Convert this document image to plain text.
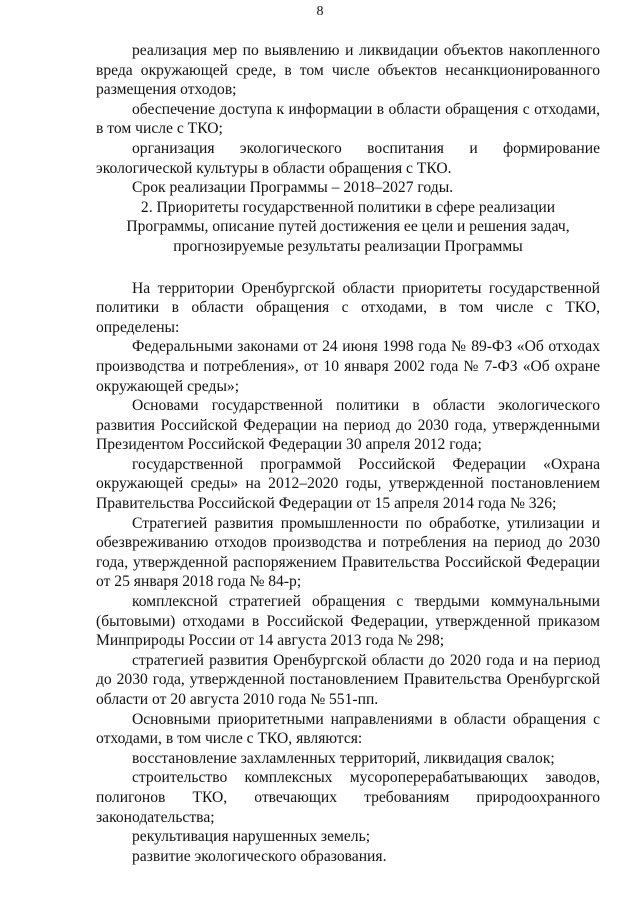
8

реализация мер по выявлению и ликвидации объектов накопленного вреда окружающей среде, в том числе объектов несанкционированного размещения отходов;

обеспечение доступа к информации в области обращения с отходами, в том числе с ТКО;

организация экологического воспитания и формирование экологической культуры в области обращения с ТКО.

Срок реализации Программы – 2018–2027 годы.

2. Приоритеты государственной политики в сфере реализации Программы, описание путей достижения ее цели и решения задач, прогнозируемые результаты реализации Программы

На территории Оренбургской области приоритеты государственной политики в области обращения с отходами, в том числе с ТКО, определены:

Федеральными законами от 24 июня 1998 года № 89-ФЗ «Об отходах производства и потребления», от 10 января 2002 года № 7-ФЗ «Об охране окружающей среды»;

Основами государственной политики в области экологического развития Российской Федерации на период до 2030 года, утвержденными Президентом Российской Федерации 30 апреля 2012 года;

государственной программой Российской Федерации «Охрана окружающей среды» на 2012–2020 годы, утвержденной постановлением Правительства Российской Федерации от 15 апреля 2014 года № 326;

Стратегией развития промышленности по обработке, утилизации и обезвреживанию отходов производства и потребления на период до 2030 года, утвержденной распоряжением Правительства Российской Федерации от 25 января 2018 года № 84-р;

комплексной стратегией обращения с твердыми коммунальными (бытовыми) отходами в Российской Федерации, утвержденной приказом Минприроды России от 14 августа 2013 года № 298;

стратегией развития Оренбургской области до 2020 года и на период до 2030 года, утвержденной постановлением Правительства Оренбургской области от 20 августа 2010 года № 551-пп.

Основными приоритетными направлениями в области обращения с отходами, в том числе с ТКО, являются:

восстановление захламленных территорий, ликвидация свалок;

строительство комплексных мусороперерабатывающих заводов, полигонов ТКО, отвечающих требованиям природоохранного законодательства;

рекультивация нарушенных земель;

развитие экологического образования.
